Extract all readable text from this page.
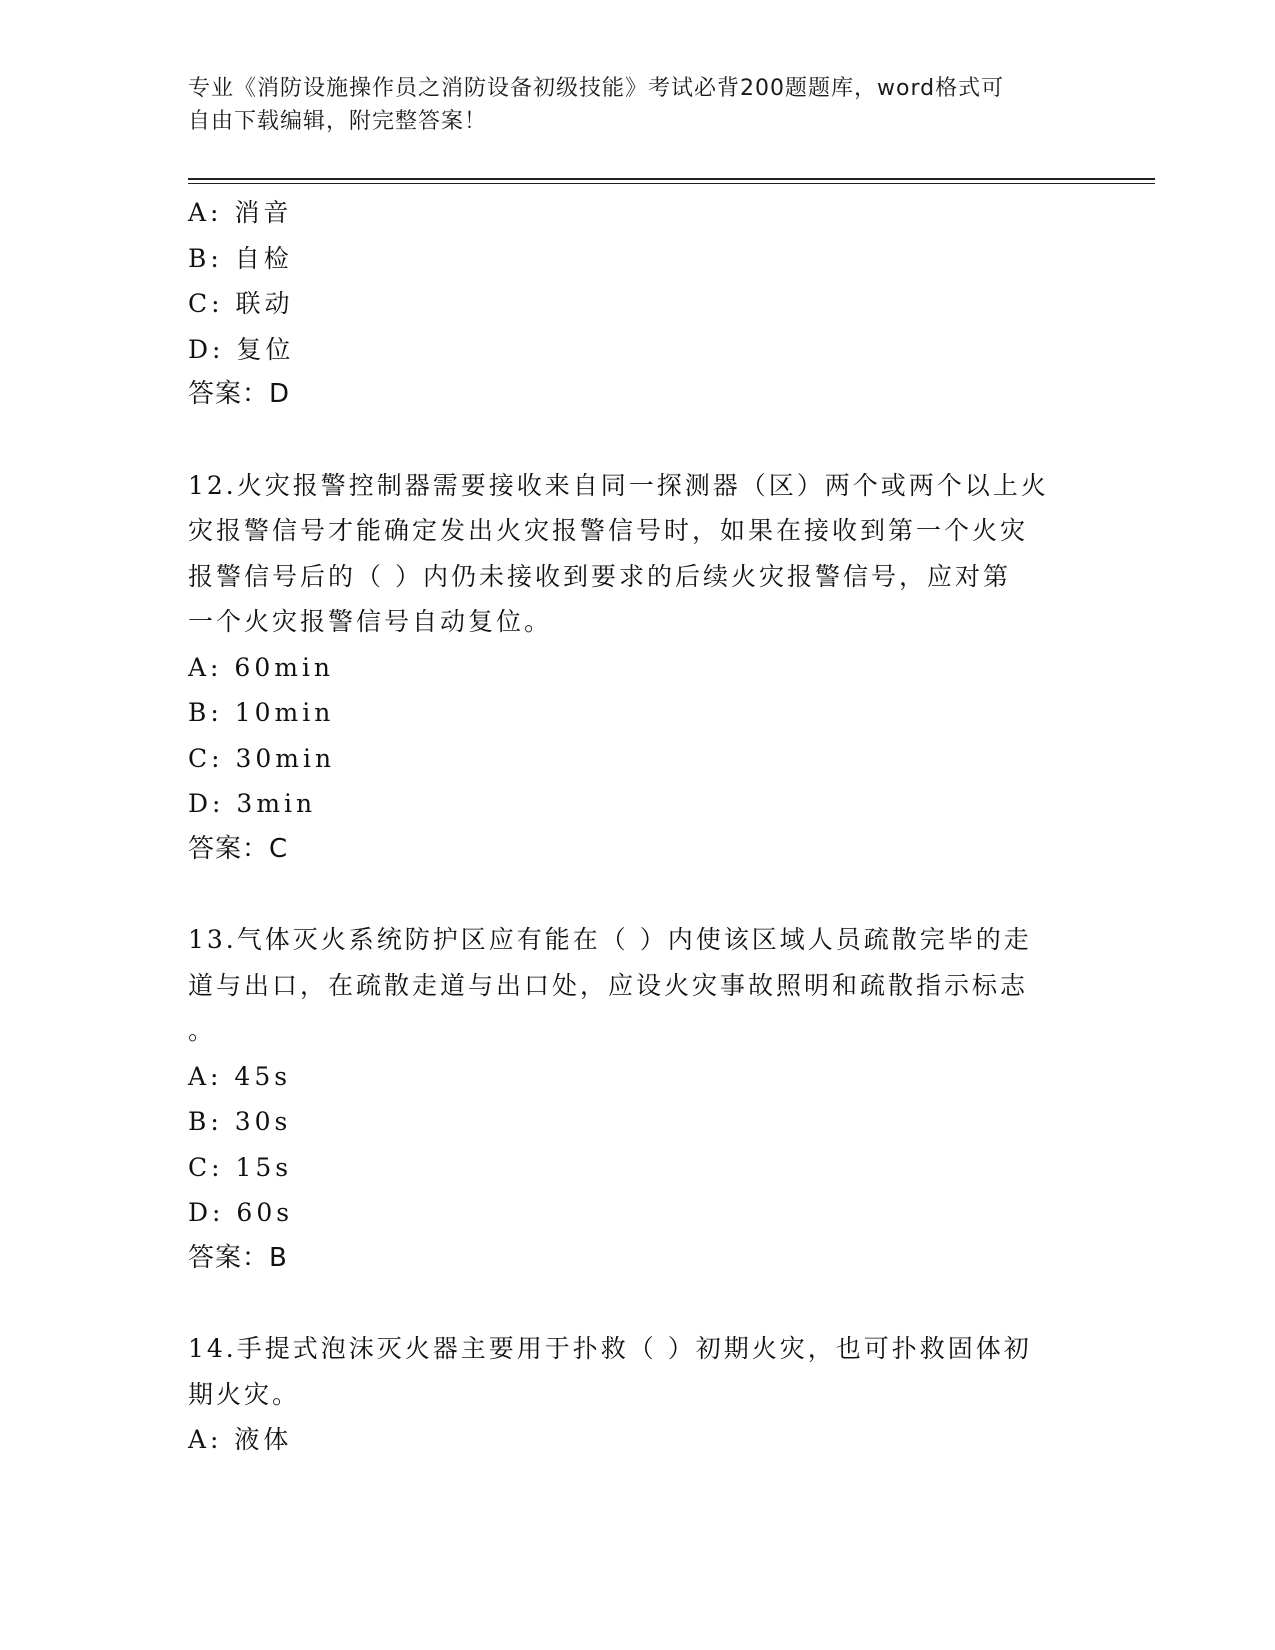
专业《消防设施操作员之消防设备初级技能》考试必背200题题库，word格式可
自由下载编辑，附完整答案！
A: 消音
B: 自检
C: 联动
D: 复位
答案：D
12.火灾报警控制器需要接收来自同一探测器（区）两个或两个以上火
灾报警信号才能确定发出火灾报警信号时，如果在接收到第一个火灾
报警信号后的（ ）内仍未接收到要求的后续火灾报警信号，应对第
一个火灾报警信号自动复位。
A: 60min
B: 10min
C: 30min
D: 3min
答案：C
13.气体灭火系统防护区应有能在（ ）内使该区域人员疏散完毕的走
道与出口，在疏散走道与出口处，应设火灾事故照明和疏散指示标志
。
A: 45s
B: 30s
C: 15s
D: 60s
答案：B
14.手提式泡沫灭火器主要用于扑救（ ）初期火灾，也可扑救固体初
期火灾。
A: 液体
